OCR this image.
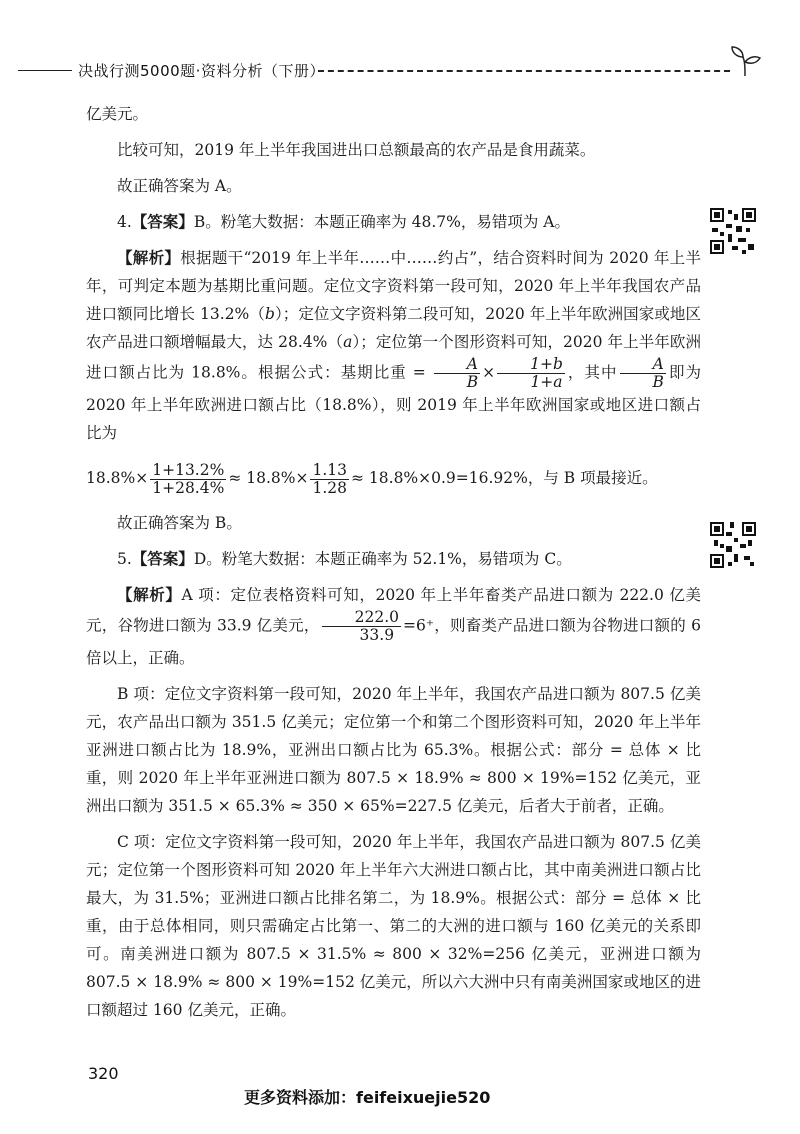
决战行测5000题·资料分析（下册）

亿美元。

比较可知，2019 年上半年我国进出口总额最高的农产品是食用蔬菜。

故正确答案为 A。

4.【答案】B。粉笔大数据：本题正确率为 48.7%，易错项为 A。

【解析】根据题干“2019 年上半年……中……约占”，结合资料时间为 2020 年上半年，可判定本题为基期比重问题。定位文字资料第一段可知，2020 年上半年我国农产品进口额同比增长 13.2%（b）；定位文字资料第二段可知，2020 年上半年欧洲国家或地区农产品进口额增幅最大，达 28.4%（a）；定位第一个图形资料可知，2020 年上半年欧洲进口额占比为 18.8%。根据公式：基期比重 = $\frac{A}{B} \times \frac{1+b}{1+a}$ ，其中 $\frac{A}{B}$ 即为 2020 年上半年欧洲进口额占比（18.8%），则 2019 年上半年欧洲国家或地区进口额占比为

$18.8\%\times \frac{1+13.2\%}{1+28.4\%} \approx 18.8\%\times \frac{1.13}{1.28} \approx 18.8\%\times 0.9=16.92\%$，与 B 项最接近。

故正确答案为 B。

5.【答案】D。粉笔大数据：本题正确率为 52.1%，易错项为 C。

【解析】A 项：定位表格资料可知，2020 年上半年畜类产品进口额为 222.0 亿美元，谷物进口额为 33.9 亿美元， $\frac{222.0}{33.9} =6^+$，则畜类产品进口额为谷物进口额的 6 倍以上，正确。

B 项：定位文字资料第一段可知，2020 年上半年，我国农产品进口额为 807.5 亿美元，农产品出口额为 351.5 亿美元；定位第一个和第二个图形资料可知，2020 年上半年亚洲进口额占比为 18.9%，亚洲出口额占比为 65.3%。根据公式：部分 = 总体 × 比重，则 2020 年上半年亚洲进口额为 807.5 × 18.9% ≈ 800 × 19%=152 亿美元，亚洲出口额为 351.5 × 65.3% ≈ 350 × 65%=227.5 亿美元，后者大于前者，正确。

C 项：定位文字资料第一段可知，2020 年上半年，我国农产品进口额为 807.5 亿美元；定位第一个图形资料可知 2020 年上半年六大洲进口额占比，其中南美洲进口额占比最大，为 31.5%；亚洲进口额占比排名第二，为 18.9%。根据公式：部分 = 总体 × 比重，由于总体相同，则只需确定占比第一、第二的大洲的进口额与 160 亿美元的关系即可。南美洲进口额为 807.5 × 31.5% ≈ 800 × 32%=256 亿美元，亚洲进口额为 807.5 × 18.9% ≈ 800 × 19%=152 亿美元，所以六大洲中只有南美洲国家或地区的进口额超过 160 亿美元，正确。

320
更多资料添加：feifeixuejie520
